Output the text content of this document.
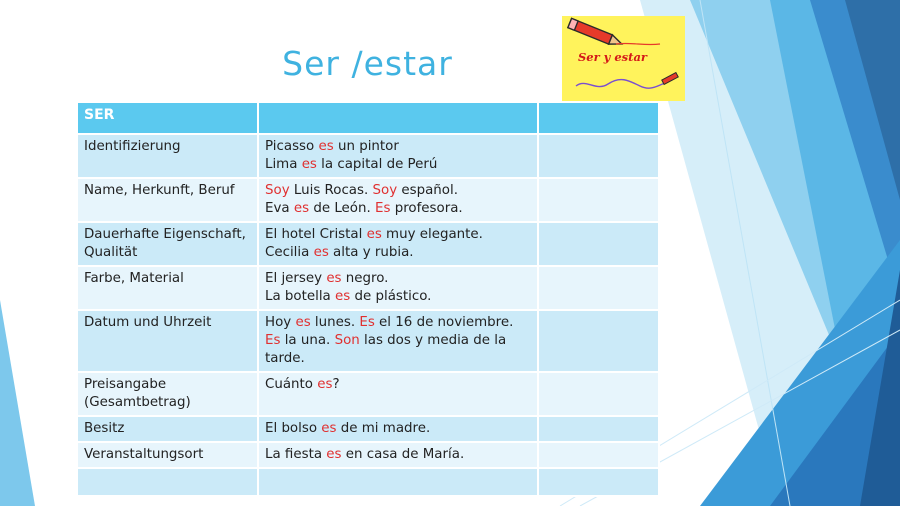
Ser /estar	Ser y estar
SER		
Identifizierung	Picasso es un pintor
Lima es la capital de Perú	

Name, Herkunft, Beruf	Soy Luis Rocas. Soy español.
Eva es de León. Es profesora.	

Dauerhafte Eigenschaft, Qualität	El hotel Cristal es muy elegante.
Cecilia es alta y rubia.	

Farbe, Material	El jersey es negro.
La botella es de plástico.	

Datum und Uhrzeit	Hoy es lunes. Es el 16 de noviembre.
Es la una. Son las dos y media de la tarde.	

Preisangabe (Gesamtbetrag)	Cuánto es?	

Besitz	El bolso es de mi madre.	

Veranstaltungsort	La fiesta es en casa de María.	
